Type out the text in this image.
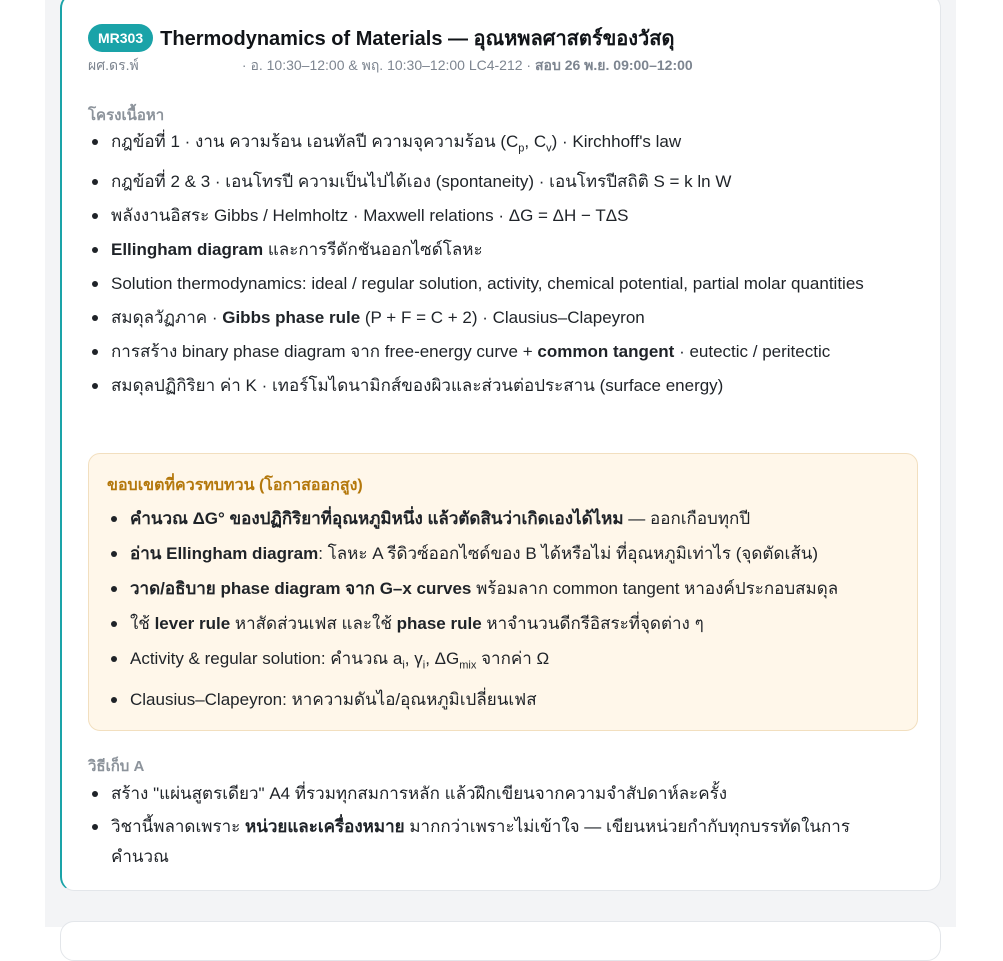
MR303 Thermodynamics of Materials — อุณหพลศาสตร์ของวัสดุ
ผศ.ดร.พ์	· อ. 10:30–12:00 & พฤ. 10:30–12:00 LC4-212 · สอบ 26 พ.ย. 09:00–12:00
โครงเนื้อหา
กฎข้อที่ 1 · งาน ความร้อน เอนทัลปี ความจุความร้อน ($C_p$, $C_v$) · Kirchhoff's law
กฎข้อที่ 2 & 3 · เอนโทรปี ความเป็นไปได้เอง (spontaneity) · เอนโทรปีสถิติ S = k ln W
พลังงานอิสระ Gibbs / Helmholtz · Maxwell relations · ΔG = ΔH − TΔS
Ellingham diagram และการรีดักชันออกไซด์โลหะ
Solution thermodynamics: ideal / regular solution, activity, chemical potential, partial molar quantities
สมดุลวัฏภาค · Gibbs phase rule (P + F = C + 2) · Clausius–Clapeyron
การสร้าง binary phase diagram จาก free-energy curve + common tangent · eutectic / peritectic
สมดุลปฏิกิริยา ค่า K · เทอร์โมไดนามิกส์ของผิวและส่วนต่อประสาน (surface energy)
ขอบเขตที่ควรทบทวน (โอกาสออกสูง)
คำนวณ ΔG° ของปฏิกิริยาที่อุณหภูมิหนึ่ง แล้วตัดสินว่าเกิดเองได้ไหม — ออกเกือบทุกปี
อ่าน Ellingham diagram: โลหะ A รีดิวซ์ออกไซด์ของ B ได้หรือไม่ ที่อุณหภูมิเท่าไร (จุดตัดเส้น)
วาด/อธิบาย phase diagram จาก G–x curves พร้อมลาก common tangent หาองค์ประกอบสมดุล
ใช้ lever rule หาสัดส่วนเฟส และใช้ phase rule หาจำนวนดีกรีอิสระที่จุดต่าง ๆ
Activity & regular solution: คำนวณ $a_i$, $\gamma_i$, $\Delta G_{mix}$ จากค่า Ω
Clausius–Clapeyron: หาความดันไอ/อุณหภูมิเปลี่ยนเฟส
วิธีเก็บ A
สร้าง "แผ่นสูตรเดียว" A4 ที่รวมทุกสมการหลัก แล้วฝึกเขียนจากความจำสัปดาห์ละครั้ง
วิชานี้พลาดเพราะ หน่วยและเครื่องหมาย มากกว่าเพราะไม่เข้าใจ — เขียนหน่วยกำกับทุกบรรทัดในการคำนวณ
